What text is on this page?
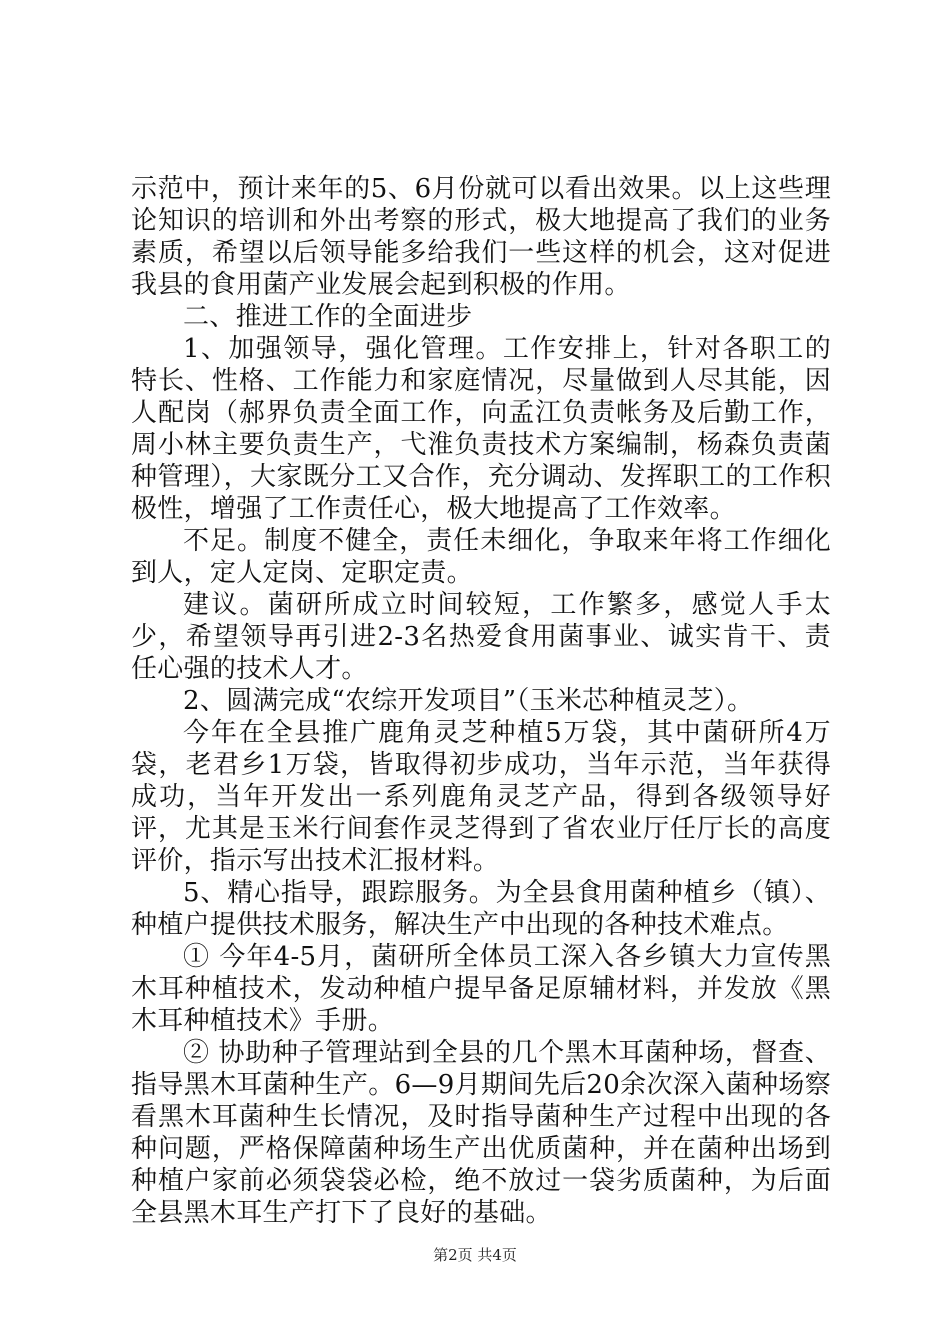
示范中，预计来年的5、6月份就可以看出效果。以上这些理论知识的培训和外出考察的形式，极大地提高了我们的业务素质，希望以后领导能多给我们一些这样的机会，这对促进我县的食用菌产业发展会起到积极的作用。

二、推进工作的全面进步

1、加强领导，强化管理。工作安排上，针对各职工的特长、性格、工作能力和家庭情况，尽量做到人尽其能，因人配岗（郝界负责全面工作，向孟江负责帐务及后勤工作，周小林主要负责生产，弋淮负责技术方案编制，杨森负责菌种管理），大家既分工又合作，充分调动、发挥职工的工作积极性，增强了工作责任心，极大地提高了工作效率。

不足。制度不健全，责任未细化，争取来年将工作细化到人，定人定岗、定职定责。

建议。菌研所成立时间较短，工作繁多，感觉人手太少，希望领导再引进2-3名热爱食用菌事业、诚实肯干、责任心强的技术人才。

2、圆满完成“农综开发项目”（玉米芯种植灵芝）。

今年在全县推广鹿角灵芝种植5万袋，其中菌研所4万袋，老君乡1万袋，皆取得初步成功，当年示范，当年获得成功，当年开发出一系列鹿角灵芝产品，得到各级领导好评，尤其是玉米行间套作灵芝得到了省农业厅任厅长的高度评价，指示写出技术汇报材料。

5、精心指导，跟踪服务。为全县食用菌种植乡（镇）、种植户提供技术服务，解决生产中出现的各种技术难点。

① 今年4-5月，菌研所全体员工深入各乡镇大力宣传黑木耳种植技术，发动种植户提早备足原辅材料，并发放《黑木耳种植技术》手册。

② 协助种子管理站到全县的几个黑木耳菌种场，督查、指导黑木耳菌种生产。6—9月期间先后20余次深入菌种场察看黑木耳菌种生长情况，及时指导菌种生产过程中出现的各种问题，严格保障菌种场生产出优质菌种，并在菌种出场到种植户家前必须袋袋必检，绝不放过一袋劣质菌种，为后面全县黑木耳生产打下了良好的基础。

第2页 共4页
